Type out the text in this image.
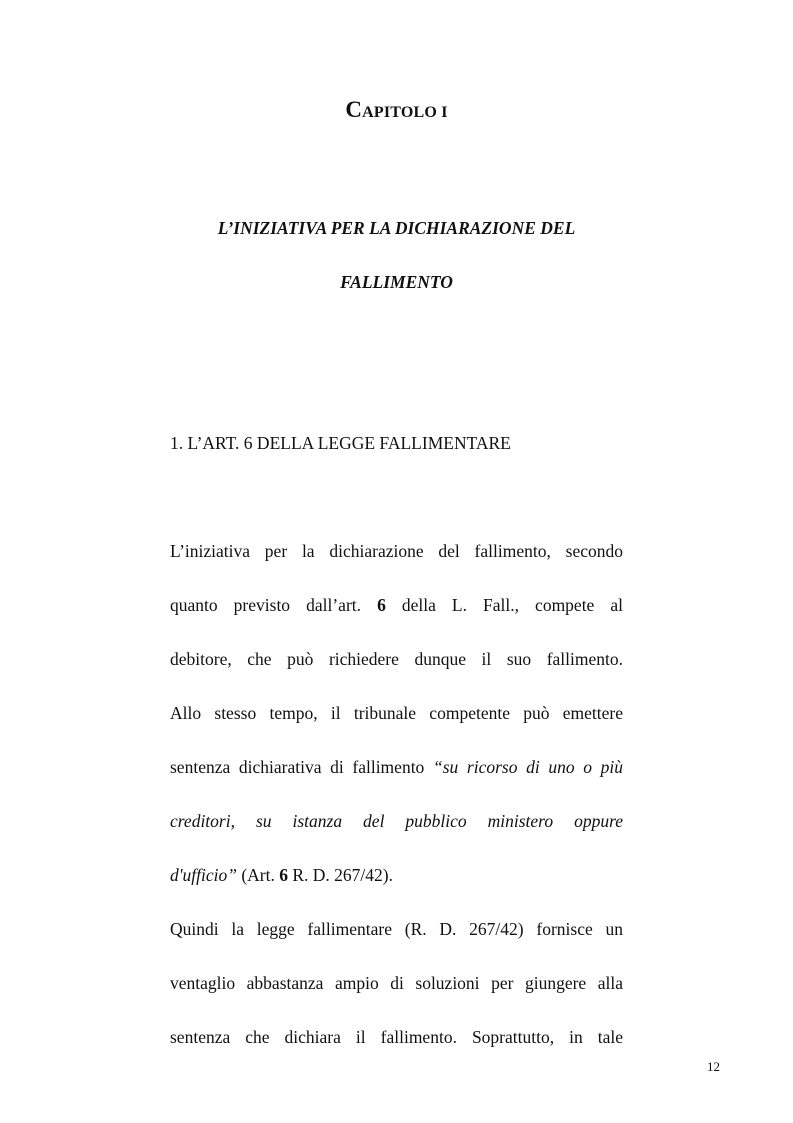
CAPITOLO I
L’INIZIATIVA PER LA DICHIARAZIONE DEL
FALLIMENTO
1. L’ART. 6 DELLA LEGGE FALLIMENTARE
L’iniziativa per la dichiarazione del fallimento, secondo
quanto previsto dall’art. 6 della L. Fall., compete al
debitore, che può richiedere dunque il suo fallimento.
Allo stesso tempo, il tribunale competente può emettere
sentenza dichiarativa di fallimento “su ricorso di uno o più
creditori, su istanza del pubblico ministero oppure
d'ufficio” (Art. 6 R. D. 267/42).
Quindi la legge fallimentare (R. D. 267/42) fornisce un
ventaglio abbastanza ampio di soluzioni per giungere alla
sentenza che dichiara il fallimento. Soprattutto, in tale
12
